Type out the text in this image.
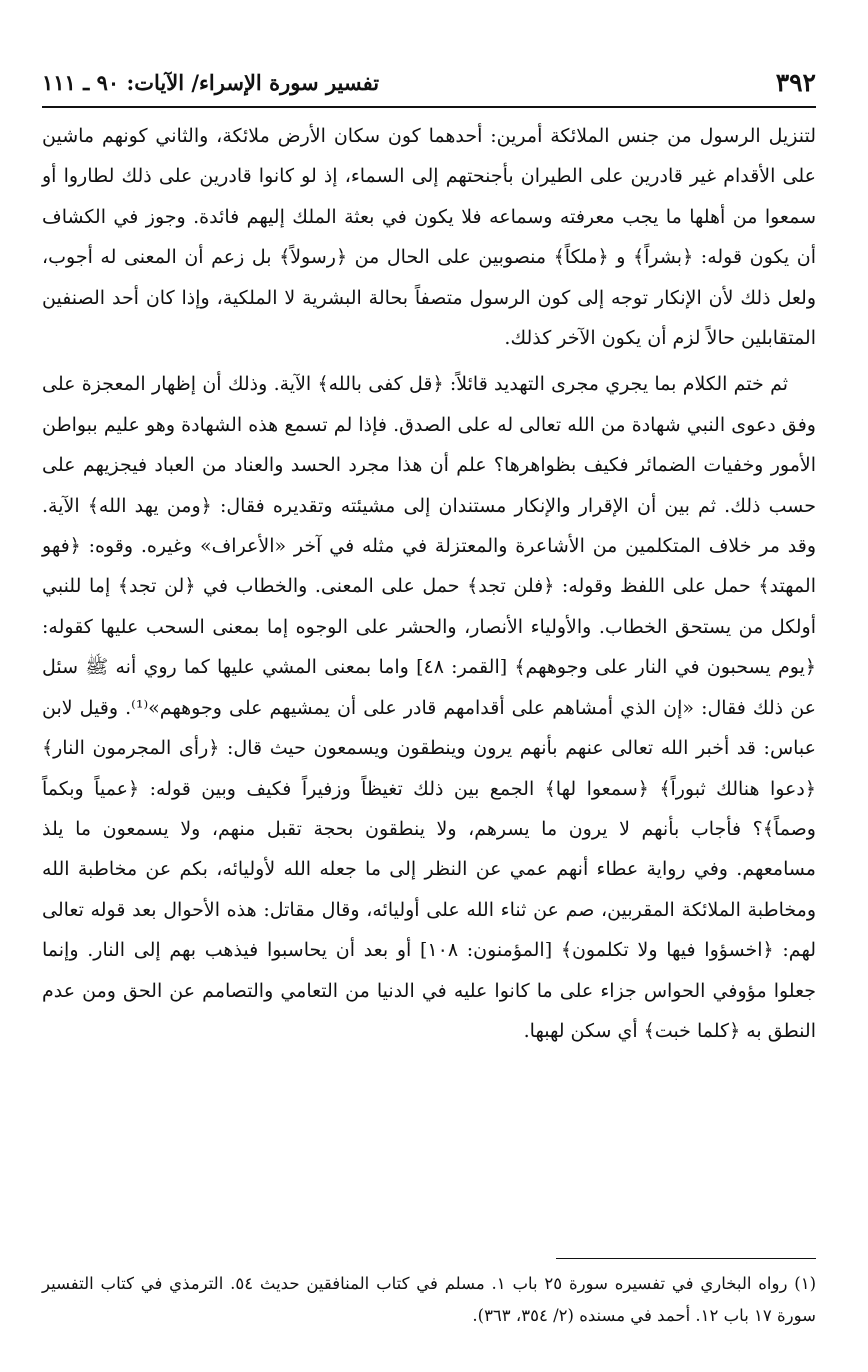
٣٩٢
تفسير سورة الإسراء/ الآيات: ٩٠ ـ ١١١

لتنزيل الرسول من جنس الملائكة أمرين: أحدهما كون سكان الأرض ملائكة، والثاني كونهم ماشين على الأقدام غير قادرين على الطيران بأجنحتهم إلى السماء، إذ لو كانوا قادرين على ذلك لطاروا أو سمعوا من أهلها ما يجب معرفته وسماعه فلا يكون في بعثة الملك إليهم فائدة. وجوز في الكشاف أن يكون قوله: ﴿بشراً﴾ و ﴿ملكاً﴾ منصوبين على الحال من ﴿رسولاً﴾ بل زعم أن المعنى له أجوب، ولعل ذلك لأن الإنكار توجه إلى كون الرسول متصفاً بحالة البشرية لا الملكية، وإذا كان أحد الصنفين المتقابلين حالاً لزم أن يكون الآخر كذلك.

ثم ختم الكلام بما يجري مجرى التهديد قائلاً: ﴿قل كفى بالله﴾ الآية. وذلك أن إظهار المعجزة على وفق دعوى النبي شهادة من الله تعالى له على الصدق. فإذا لم تسمع هذه الشهادة وهو عليم ببواطن الأمور وخفيات الضمائر فكيف بظواهرها؟ علم أن هذا مجرد الحسد والعناد من العباد فيجزيهم على حسب ذلك. ثم بين أن الإقرار والإنكار مستندان إلى مشيئته وتقديره فقال: ﴿ومن يهد الله﴾ الآية. وقد مر خلاف المتكلمين من الأشاعرة والمعتزلة في مثله في آخر «الأعراف» وغيره. وقوه: ﴿فهو المهتد﴾ حمل على اللفظ وقوله: ﴿فلن تجد﴾ حمل على المعنى. والخطاب في ﴿لن تجد﴾ إما للنبي أولكل من يستحق الخطاب. والأولياء الأنصار، والحشر على الوجوه إما بمعنى السحب عليها كقوله: ﴿يوم يسحبون في النار على وجوههم﴾ [القمر: ٤٨] واما بمعنى المشي عليها كما روي أنه ﷺ سئل عن ذلك فقال: «إن الذي أمشاهم على أقدامهم قادر على أن يمشيهم على وجوههم»⁽¹⁾. وقيل لابن عباس: قد أخبر الله تعالى عنهم بأنهم يرون وينطقون ويسمعون حيث قال: ﴿رأى المجرمون النار﴾ ﴿دعوا هنالك ثبوراً﴾ ﴿سمعوا لها﴾ الجمع بين ذلك تغيظاً وزفيراً فكيف وبين قوله: ﴿عمياً وبكماً وصماً﴾؟ فأجاب بأنهم لا يرون ما يسرهم، ولا ينطقون بحجة تقبل منهم، ولا يسمعون ما يلذ مسامعهم. وفي رواية عطاء أنهم عمي عن النظر إلى ما جعله الله لأوليائه، بكم عن مخاطبة الله ومخاطبة الملائكة المقربين، صم عن ثناء الله على أوليائه، وقال مقاتل: هذه الأحوال بعد قوله تعالى لهم: ﴿اخسؤوا فيها ولا تكلمون﴾ [المؤمنون: ١٠٨] أو بعد أن يحاسبوا فيذهب بهم إلى النار. وإنما جعلوا مؤوفي الحواس جزاء على ما كانوا عليه في الدنيا من التعامي والتصامم عن الحق ومن عدم النطق به ﴿كلما خبت﴾ أي سكن لهبها.

(١) رواه البخاري في تفسيره سورة ٢٥ باب ١. مسلم في كتاب المنافقين حديث ٥٤. الترمذي في كتاب التفسير سورة ١٧ باب ١٢. أحمد في مسنده (٢/ ٣٥٤، ٣٦٣).
